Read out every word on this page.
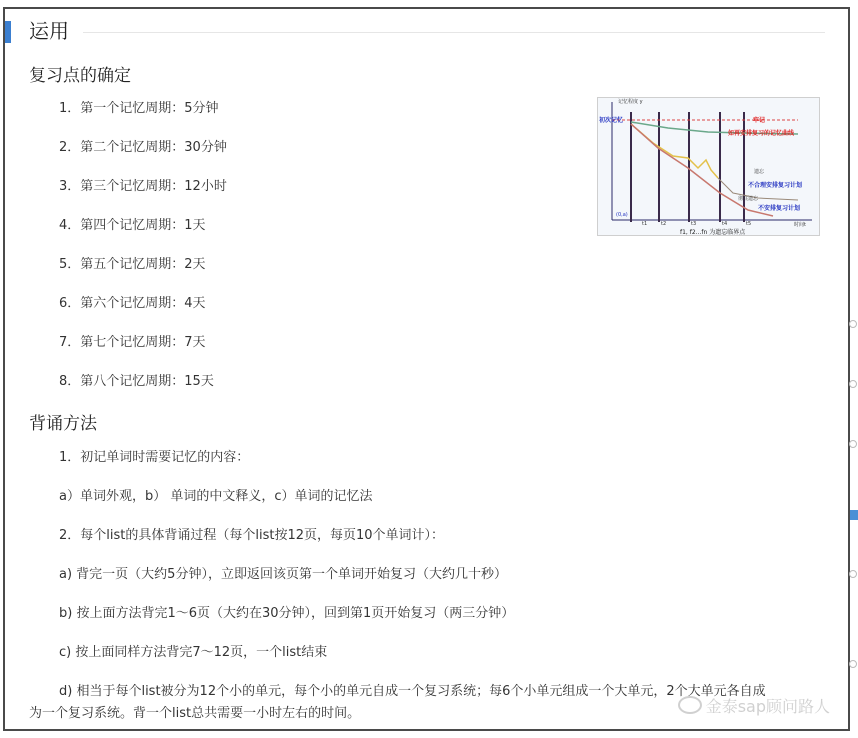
运用
复习点的确定
1．第一个记忆周期：5分钟
2．第二个记忆周期：30分钟
3．第三个记忆周期：12小时
4．第四个记忆周期：1天
5．第五个记忆周期：2天
6．第六个记忆周期：4天
7．第七个记忆周期：7天
8．第八个记忆周期：15天
记忆程度 y
初次记忆	牢记
如再安排复习的记忆曲线
遗忘
不合理安排复习计划
彻底遗忘
不安排复习计划
(0,a)
t1	t2	t3	t4	t5	时间t
f1, f2...fn 为遗忘临界点
背诵方法
1．初记单词时需要记忆的内容：
a）单词外观，b） 单词的中文释义，c）单词的记忆法
2．每个list的具体背诵过程（每个list按12页，每页10个单词计）：
a) 背完一页（大约5分钟），立即返回该页第一个单词开始复习（大约几十秒）
b) 按上面方法背完1～6页（大约在30分钟），回到第1页开始复习（两三分钟）
c) 按上面同样方法背完7～12页，一个list结束
d) 相当于每个list被分为12个小的单元，每个小的单元自成一个复习系统；每6个小单元组成一个大单元，2个大单元各自成
为一个复习系统。背一个list总共需要一小时左右的时间。	金泰sap顾问路人
